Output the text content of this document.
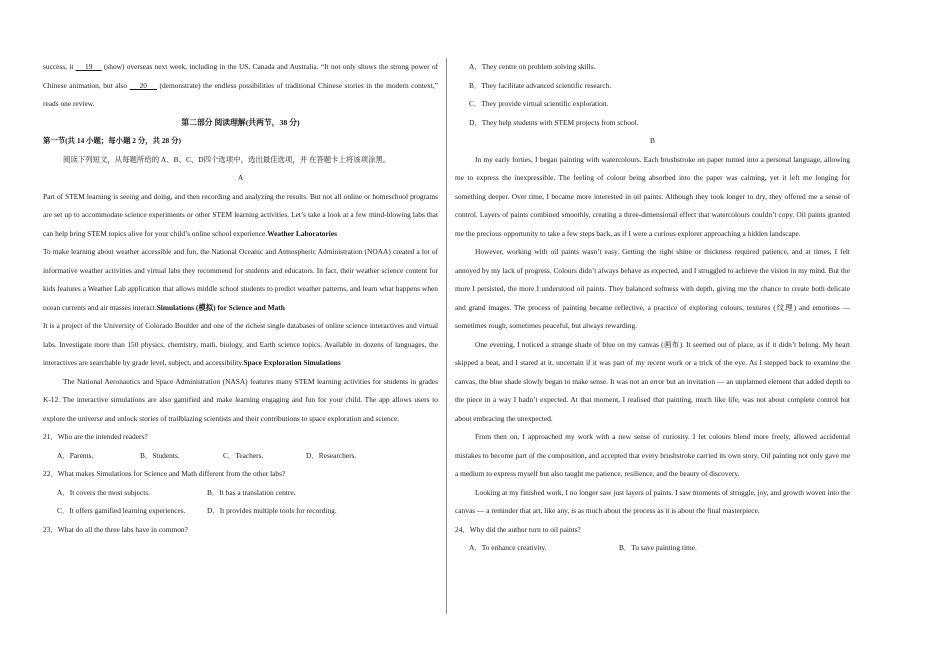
success, it     19     (show) overseas next week, including in the US, Canada and Australia. “It not only shows the strong power of Chinese animation, but also     20     (demonstrate) the endless possibilities of traditional Chinese stories in the modern context,” reads one review.

第二部分 阅读理解(共两节，38 分)

第一节(共 14 小题；每小题 2 分，共 28 分)

阅读下列短文，从每题所给的 A、B、C、D四个选项中，选出最佳选项，并 在答题卡上将该项涂黑。

A

Part of STEM learning is seeing and doing, and then recording and analyzing the results. But not all online or homeschool programs are set up to accommodate science experiments or other STEM learning activities. Let’s take a look at a few mind-blowing labs that can help bring STEM topics alive for your child’s online school experience.Weather Laboratories

To make learning about weather accessible and fun, the National Oceanic and Atmospheric Administration (NOAA) created a lot of informative weather activities and virtual labs they recommend for students and educators. In fact, their weather science content for kids features a Weather Lab application that allows middle school students to predict weather patterns, and learn what happens when ocean currents and air masses interact.Simulations (模拟) for Science and Math

It is a project of the University of Colorado Boulder and one of the richest single databases of online science interactives and virtual labs. Investigate more than 150 physics, chemistry, math, biology, and Earth science topics. Available in dozens of languages, the interactives are searchable by grade level, subject, and accessibility.Space Exploration Simulations

The National Aeronautics and Space Administration (NASA) features many STEM learning activities for students in grades K-12. The interactive simulations are also gamified and make learning engaging and fun for your child. The app allows users to explore the universe and unlock stories of trailblazing scientists and their contributions to space exploration and science.

21．Who are the intended readers?

A．Parents.	B．Students.	C．Teachers.	D．Researchers.

22．What makes Simulations for Science and Math different from the other labs?

A．It covers the most subjects.	B．It has a translation centre.
C．It offers gamified learning experiences.	D．It provides multiple tools for recording.

23．What do all the three labs have in common?

A．They centre on problem solving skills.

B．They facilitate advanced scientific research.

C．They provide virtual scientific exploration.

D．They help students with STEM projects from school.

B

In my early forties, I began painting with watercolours. Each brushstroke on paper turned into a personal language, allowing me to express the inexpressible. The feeling of colour being absorbed into the paper was calming, yet it left me longing for something deeper. Over time, I became more interested in oil paints. Although they took longer to dry, they offered me a sense of control. Layers of paints combined smoothly, creating a three-dimensional effect that watercolours couldn’t copy. Oil paints granted me the precious opportunity to take a few steps back, as if I were a curious explorer approaching a hidden landscape.

However, working with oil paints wasn’t easy. Getting the right shine or thickness required patience, and at times, I felt annoyed by my lack of progress. Colours didn’t always behave as expected, and I struggled to achieve the vision in my mind. But the more I persisted, the more I understood oil paints. They balanced softness with depth, giving me the chance to create both delicate and grand images. The process of painting became reflective, a practice of exploring colours, textures (纹理) and emotions — sometimes rough, sometimes peaceful, but always rewarding.

One evening, I noticed a strange shade of blue on my canvas (画布). It seemed out of place, as if it didn’t belong. My heart skipped a beat, and I stared at it, uncertain if it was part of my recent work or a trick of the eye. As I stepped back to examine the canvas, the blue shade slowly began to make sense. It was not an error but an invitation — an unplanned element that added depth to the piece in a way I hadn’t expected. At that moment, I realised that painting, much like life, was not about complete control but about embracing the unexpected.

From then on, I approached my work with a new sense of curiosity. I let colours blend more freely, allowed accidental mistakes to become part of the composition, and accepted that every brushstroke carried its own story. Oil painting not only gave me a medium to express myself but also taught me patience, resilience, and the beauty of discovery.

Looking at my finished work, I no longer saw just layers of paints. I saw moments of struggle, joy, and growth woven into the canvas — a reminder that art, like any, is as much about the process as it is about the final masterpiece.

24．Why did the author turn to oil paints?

A．To enhance creativity.	B．To save painting time.
